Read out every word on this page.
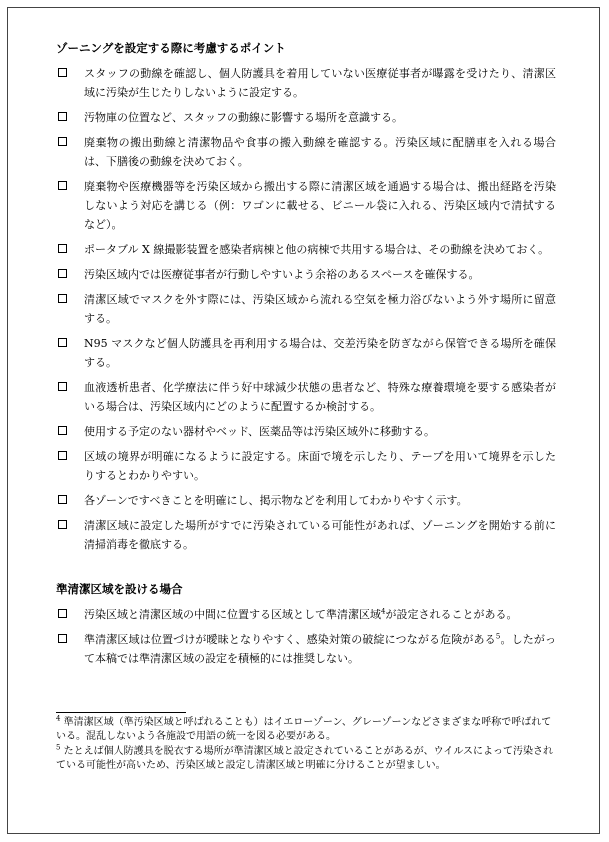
ゾーニングを設定する際に考慮するポイント
スタッフの動線を確認し、個人防護具を着用していない医療従事者が曝露を受けたり、清潔区域に汚染が生じたりしないように設定する。
汚物庫の位置など、スタッフの動線に影響する場所を意識する。
廃棄物の搬出動線と清潔物品や食事の搬入動線を確認する。汚染区域に配膳車を入れる場合は、下膳後の動線を決めておく。
廃棄物や医療機器等を汚染区域から搬出する際に清潔区域を通過する場合は、搬出経路を汚染しないよう対応を講じる（例：ワゴンに載せる、ビニール袋に入れる、汚染区域内で清拭するなど）。
ポータブル X 線撮影装置を感染者病棟と他の病棟で共用する場合は、その動線を決めておく。
汚染区域内では医療従事者が行動しやすいよう余裕のあるスペースを確保する。
清潔区域でマスクを外す際には、汚染区域から流れる空気を極力浴びないよう外す場所に留意する。
N95 マスクなど個人防護具を再利用する場合は、交差汚染を防ぎながら保管できる場所を確保する。
血液透析患者、化学療法に伴う好中球減少状態の患者など、特殊な療養環境を要する感染者がいる場合は、汚染区域内にどのように配置するか検討する。
使用する予定のない器材やベッド、医薬品等は汚染区域外に移動する。
区域の境界が明確になるように設定する。床面で境を示したり、テープを用いて境界を示したりするとわかりやすい。
各ゾーンですべきことを明確にし、掲示物などを利用してわかりやすく示す。
清潔区域に設定した場所がすでに汚染されている可能性があれば、ゾーニングを開始する前に清掃消毒を徹底する。
準清潔区域を設ける場合
汚染区域と清潔区域の中間に位置する区域として準清潔区域$^4$が設定されることがある。
準清潔区域は位置づけが曖昧となりやすく、感染対策の破綻につながる危険がある$^5$。したがって本稿では準清潔区域の設定を積極的には推奨しない。

$^4$ 準清潔区域（準汚染区域と呼ばれることも）はイエローゾーン、グレーゾーンなどさまざまな呼称で呼ばれている。混乱しないよう各施設で用語の統一を図る必要がある。

$^5$ たとえば個人防護具を脱衣する場所が準清潔区域と設定されていることがあるが、ウイルスによって汚染されている可能性が高いため、汚染区域と設定し清潔区域と明確に分けることが望ましい。
